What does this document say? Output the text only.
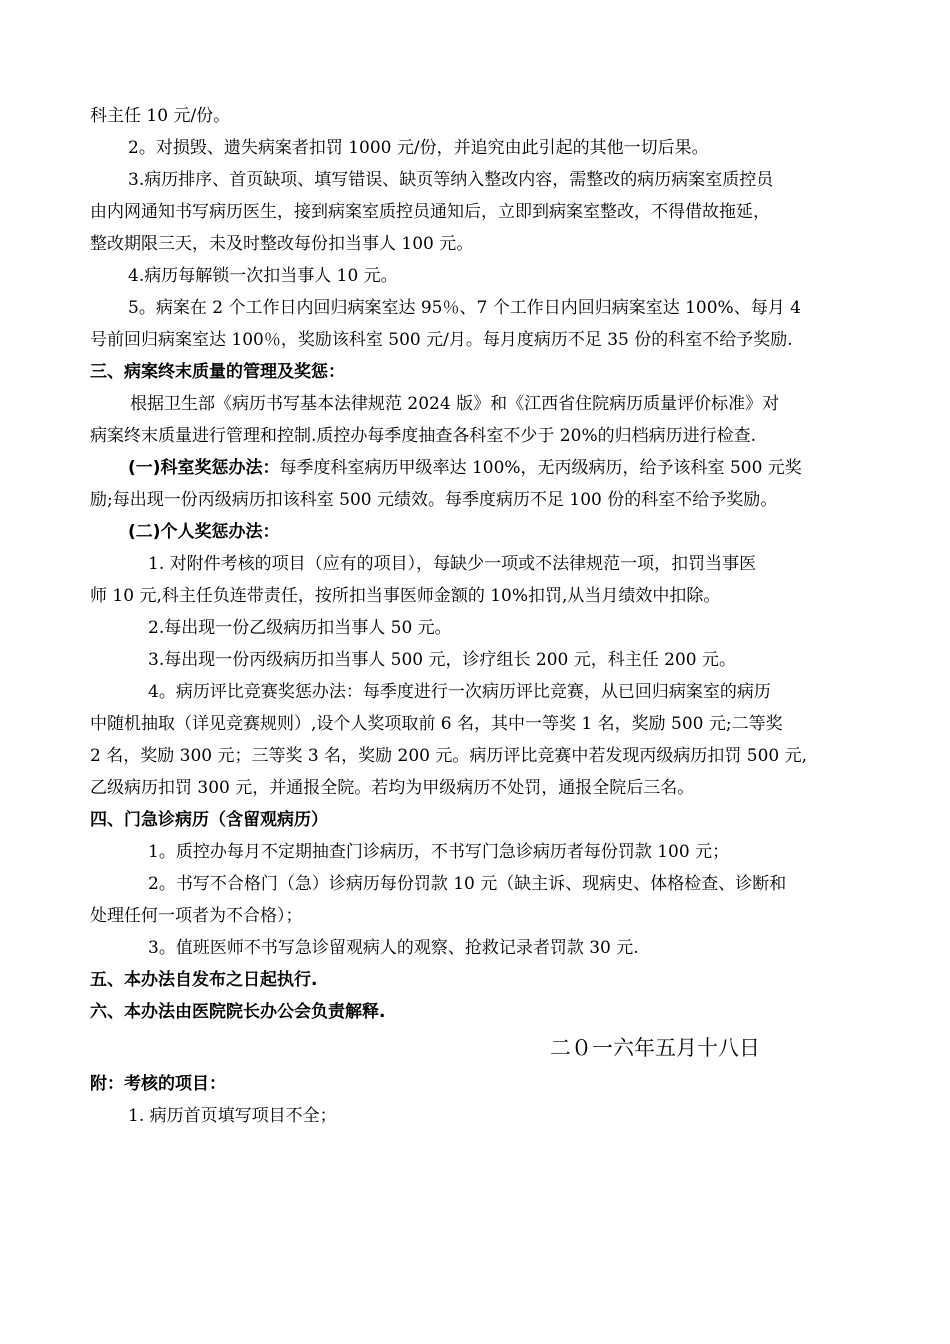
科主任 10 元/份。
2。对损毁、遗失病案者扣罚 1000 元/份，并追究由此引起的其他一切后果。
3.病历排序、首页缺项、填写错误、缺页等纳入整改内容，需整改的病历病案室质控员
由内网通知书写病历医生，接到病案室质控员通知后，立即到病案室整改，不得借故拖延，
整改期限三天，未及时整改每份扣当事人 100 元。
4.病历每解锁一次扣当事人 10 元。
5。病案在 2 个工作日内回归病案室达 95％、7 个工作日内回归病案室达 100%、每月 4
号前回归病案室达 100％，奖励该科室 500 元/月。每月度病历不足 35 份的科室不给予奖励.
三、病案终末质量的管理及奖惩：
根据卫生部《病历书写基本法律规范 2024 版》和《江西省住院病历质量评价标准》对
病案终末质量进行管理和控制.质控办每季度抽查各科室不少于 20%的归档病历进行检查.
(一)科室奖惩办法：每季度科室病历甲级率达 100%，无丙级病历，给予该科室 500 元奖
励;每出现一份丙级病历扣该科室 500 元绩效。每季度病历不足 100 份的科室不给予奖励。
(二)个人奖惩办法：
1. 对附件考核的项目（应有的项目），每缺少一项或不法律规范一项，扣罚当事医
师 10 元,科主任负连带责任，按所扣当事医师金额的 10%扣罚,从当月绩效中扣除。
2.每出现一份乙级病历扣当事人 50 元。
3.每出现一份丙级病历扣当事人 500 元，诊疗组长 200 元，科主任 200 元。
4。病历评比竞赛奖惩办法：每季度进行一次病历评比竞赛，从已回归病案室的病历
中随机抽取（详见竞赛规则）,设个人奖项取前 6 名，其中一等奖 1 名，奖励 500 元;二等奖
2 名，奖励 300 元；三等奖 3 名，奖励 200 元。病历评比竞赛中若发现丙级病历扣罚 500 元,
乙级病历扣罚 300 元，并通报全院。若均为甲级病历不处罚，通报全院后三名。
四、门急诊病历（含留观病历）
1。质控办每月不定期抽查门诊病历，不书写门急诊病历者每份罚款 100 元；
2。书写不合格门（急）诊病历每份罚款 10 元（缺主诉、现病史、体格检查、诊断和
处理任何一项者为不合格）；
3。值班医师不书写急诊留观病人的观察、抢救记录者罚款 30 元.
五、本办法自发布之日起执行.
六、本办法由医院院长办公会负责解释.
二０一六年五月十八日
附：考核的项目：
1. 病历首页填写项目不全；
